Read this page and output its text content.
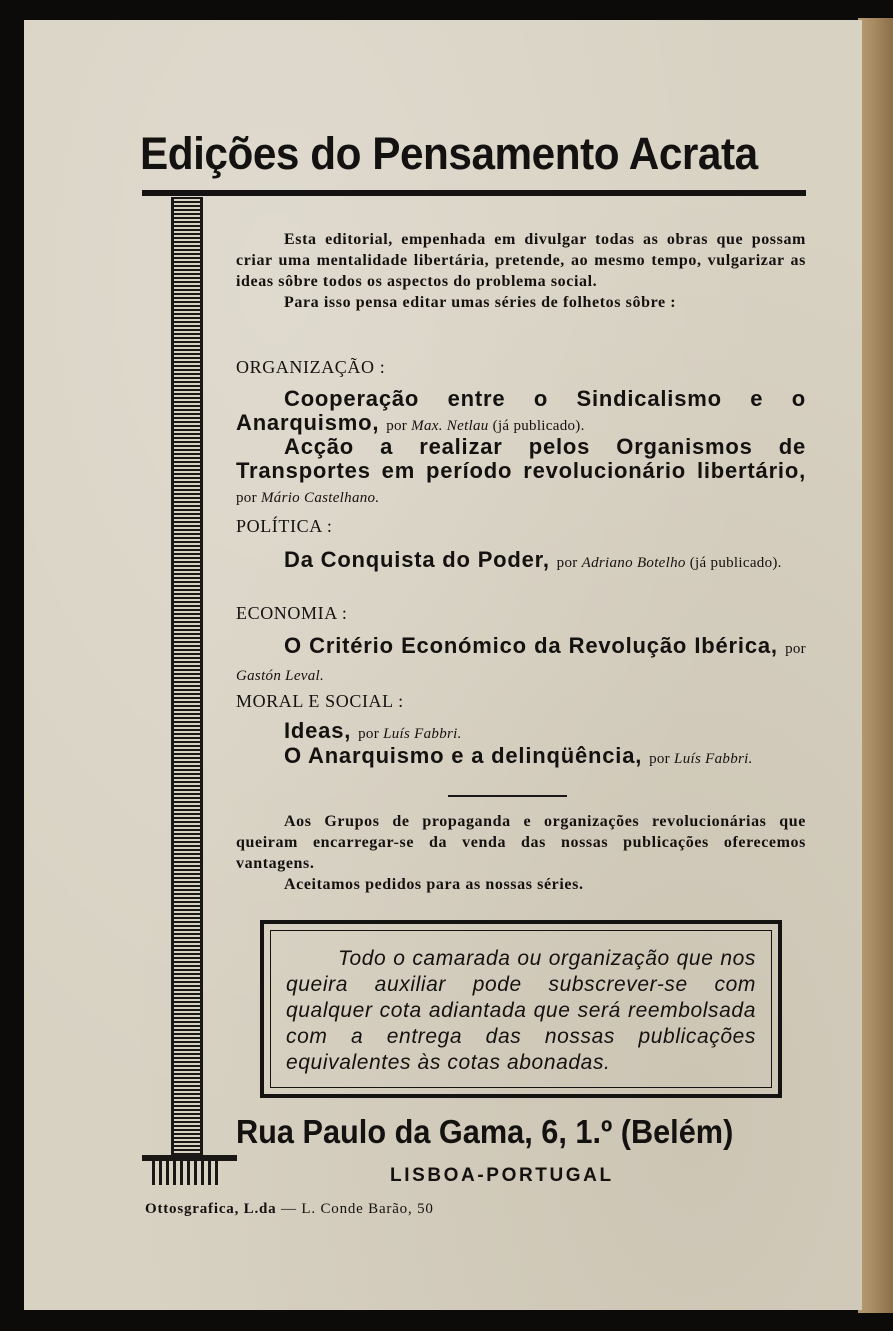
Edições do Pensamento Acrata

Esta editorial, empenhada em divulgar todas as obras que possam criar uma mentalidade libertária, pretende, ao mesmo tempo, vulgarizar as ideas sôbre todos os aspectos do problema social.

Para isso pensa editar umas séries de folhetos sôbre :

ORGANIZAÇÃO :
Cooperação entre o Sindicalismo e o Anarquismo, por Max. Netlau (já publicado).
Acção a realizar pelos Organismos de Transportes em período revolucionário libertário, por Mário Castelhano.
POLÍTICA :
Da Conquista do Poder, por Adriano Botelho (já publicado).
ECONOMIA :
O Critério Económico da Revolução Ibérica, por Gastón Leval.
MORAL E SOCIAL :
Ideas, por Luís Fabbri.
O Anarquismo e a delinqüência, por Luís Fabbri.

Aos Grupos de propaganda e organizações revolucionárias que queiram encarregar-se da venda das nossas publicações oferecemos vantagens.

Aceitamos pedidos para as nossas séries.

Todo o camarada ou organização que nos queira auxiliar pode subscrever-se com qualquer cota adiantada que será reembolsada com a entrega das nossas publicações equivalentes às cotas abonadas.
Rua Paulo da Gama, 6, 1.º (Belém)
LISBOA-PORTUGAL
Ottosgrafica, L.da — L. Conde Barão, 50
